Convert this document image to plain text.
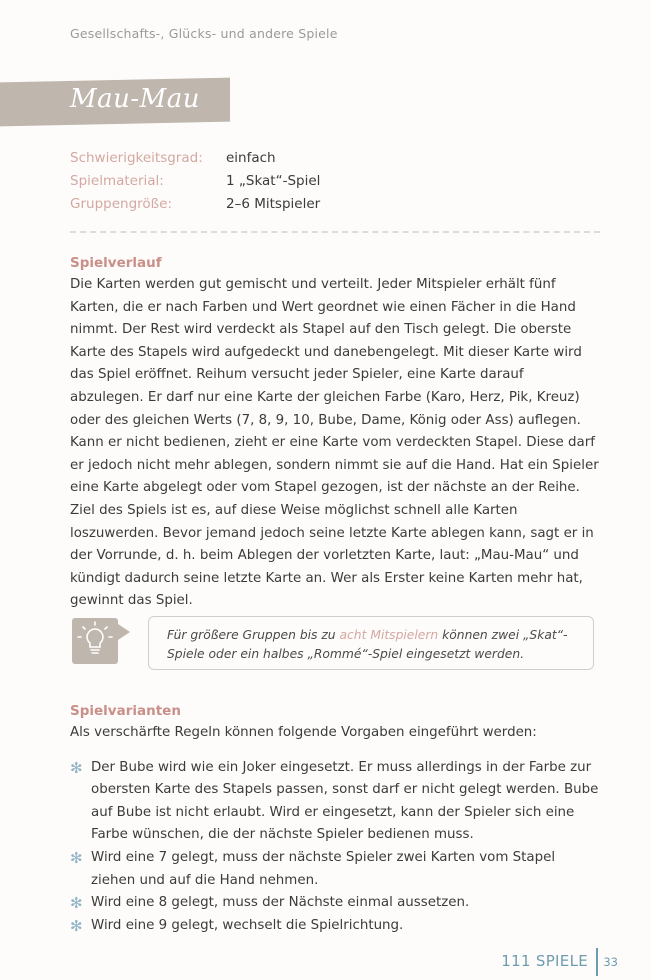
Gesellschafts-, Glücks- und andere Spiele
Mau-Mau
Schwierigkeitsgrad:	einfach
Spielmaterial:	1 „Skat“-Spiel
Gruppengröße:	2–6 Mitspieler
Spielverlauf
Die Karten werden gut gemischt und verteilt. Jeder Mitspieler erhält fünf Karten, die er nach Farben und Wert geordnet wie einen Fächer in die Hand nimmt. Der Rest wird verdeckt als Stapel auf den Tisch gelegt. Die oberste Karte des Stapels wird aufgedeckt und danebengelegt. Mit dieser Karte wird das Spiel eröffnet. Reihum versucht jeder Spieler, eine Karte darauf abzulegen. Er darf nur eine Karte der gleichen Farbe (Karo, Herz, Pik, Kreuz) oder des gleichen Werts (7, 8, 9, 10, Bube, Dame, König oder Ass) auflegen. Kann er nicht bedienen, zieht er eine Karte vom verdeckten Stapel. Diese darf er jedoch nicht mehr ablegen, sondern nimmt sie auf die Hand. Hat ein Spieler eine Karte abgelegt oder vom Stapel gezogen, ist der nächste an der Reihe. Ziel des Spiels ist es, auf diese Weise möglichst schnell alle Karten loszuwerden. Bevor jemand jedoch seine letzte Karte ablegen kann, sagt er in der Vorrunde, d. h. beim Ablegen der vorletzten Karte, laut: „Mau-Mau“ und kündigt dadurch seine letzte Karte an. Wer als Erster keine Karten mehr hat, gewinnt das Spiel.
Für größere Gruppen bis zu acht Mitspielern können zwei „Skat“-Spiele oder ein halbes „Rommé“-Spiel eingesetzt werden.
Spielvarianten
Als verschärfte Regeln können folgende Vorgaben eingeführt werden:
✻ Der Bube wird wie ein Joker eingesetzt. Er muss allerdings in der Farbe zur obersten Karte des Stapels passen, sonst darf er nicht gelegt werden. Bube auf Bube ist nicht erlaubt. Wird er eingesetzt, kann der Spieler sich eine Farbe wünschen, die der nächste Spieler bedienen muss.
✻ Wird eine 7 gelegt, muss der nächste Spieler zwei Karten vom Stapel ziehen und auf die Hand nehmen.
✻ Wird eine 8 gelegt, muss der Nächste einmal aussetzen.
✻ Wird eine 9 gelegt, wechselt die Spielrichtung.
111 SPIELE 33
